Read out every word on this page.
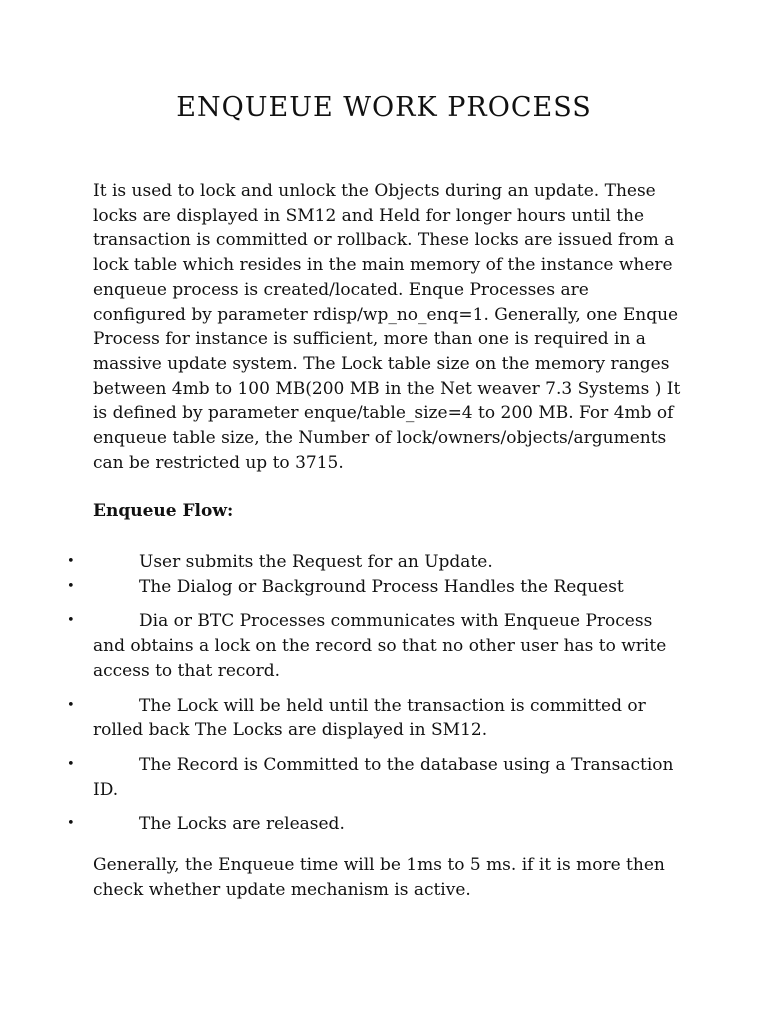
ENQUEUE WORK PROCESS

It is used to lock and unlock the Objects during an update. These locks are displayed in SM12 and Held for longer hours until the transaction is committed or rollback. These locks are issued from a lock table which resides in the main memory of the instance where enqueue process is created/located. Enque Processes are configured by parameter rdisp/wp_no_enq=1. Generally, one Enque Process for instance is sufficient, more than one is required in a massive update system. The Lock table size on the memory ranges between 4mb to 100 MB(200 MB in the Net weaver 7.3 Systems ) It is defined by parameter enque/table_size=4 to 200 MB. For 4mb of enqueue table size, the Number of lock/owners/objects/arguments can be restricted up to 3715.

Enqueue Flow:

•	User submits the Request for an Update.
•	The Dialog or Background Process Handles the Request
•	Dia or BTC Processes communicates with Enqueue Process and obtains a lock on the record so that no other user has to write access to that record.
•	The Lock will be held until the transaction is committed or rolled back The Locks are displayed in SM12.
•	The Record is Committed to the database using a Transaction ID.
•	The Locks are released.

Generally, the Enqueue time will be 1ms to 5 ms. if it is more then check whether update mechanism is active.
